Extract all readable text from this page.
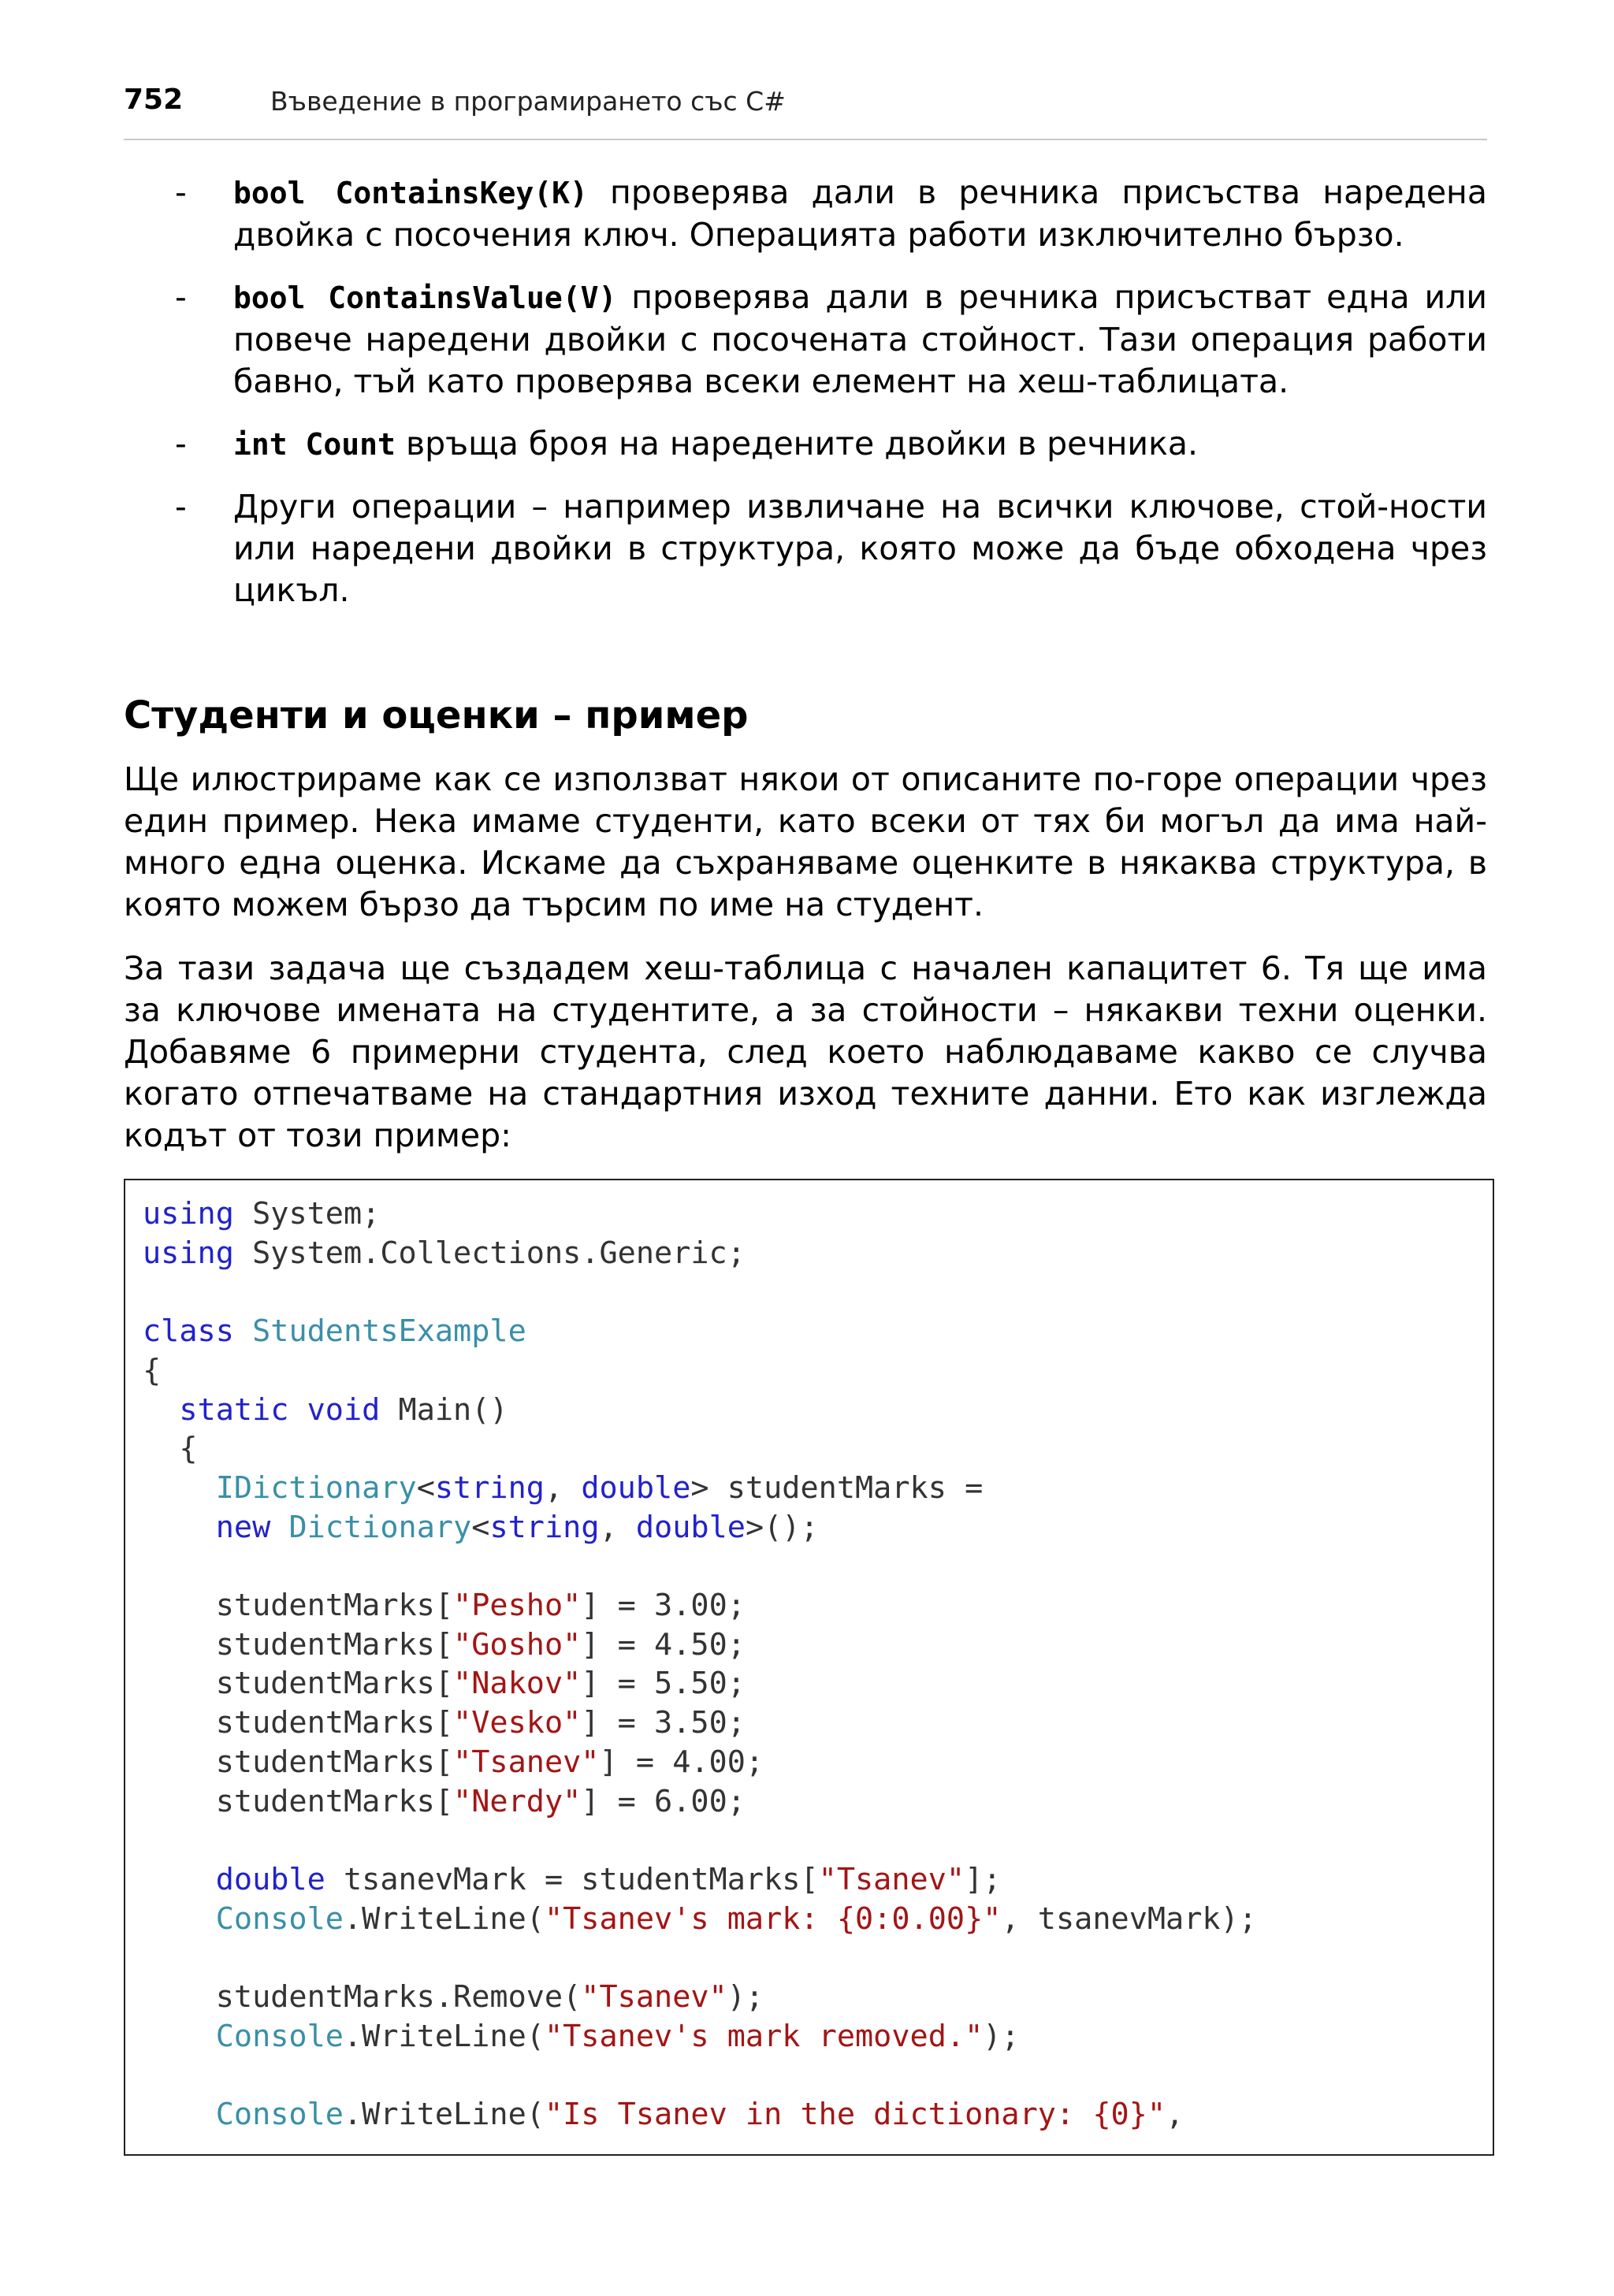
752	Въведение в програмирането със C#
- bool ContainsKey(K) проверява дали в речника присъства наредена двойка с посочения ключ. Операцията работи изключително бързо.
- bool ContainsValue(V) проверява дали в речника присъстват една или повече наредени двойки с посочената стойност. Тази операция работи бавно, тъй като проверява всеки елемент на хеш-таблицата.
- int Count връща броя на наредените двойки в речника.
- Други операции – например извличане на всички ключове, стой-ности или наредени двойки в структура, която може да бъде обходена чрез цикъл.
Студенти и оценки – пример

Ще илюстрираме как се използват някои от описаните по-горе операции чрез един пример. Нека имаме студенти, като всеки от тях би могъл да има най-много една оценка. Искаме да съхраняваме оценките в някаква структура, в която можем бързо да търсим по име на студент.

За тази задача ще създадем хеш-таблица с начален капацитет 6. Тя ще има за ключове имената на студентите, а за стойности – някакви техни оценки. Добавяме 6 примерни студента, след което наблюдаваме какво се случва когато отпечатваме на стандартния изход техните данни. Ето как изглежда кодът от този пример:

using System;
using System.Collections.Generic;

class StudentsExample
{
static void Main()
{
IDictionary<string, double> studentMarks =
new Dictionary<string, double>();

studentMarks["Pesho"] = 3.00;
studentMarks["Gosho"] = 4.50;
studentMarks["Nakov"] = 5.50;
studentMarks["Vesko"] = 3.50;
studentMarks["Tsanev"] = 4.00;
studentMarks["Nerdy"] = 6.00;

double tsanevMark = studentMarks["Tsanev"];
Console.WriteLine("Tsanev's mark: {0:0.00}", tsanevMark);

studentMarks.Remove("Tsanev");
Console.WriteLine("Tsanev's mark removed.");

Console.WriteLine("Is Tsanev in the dictionary: {0}",
